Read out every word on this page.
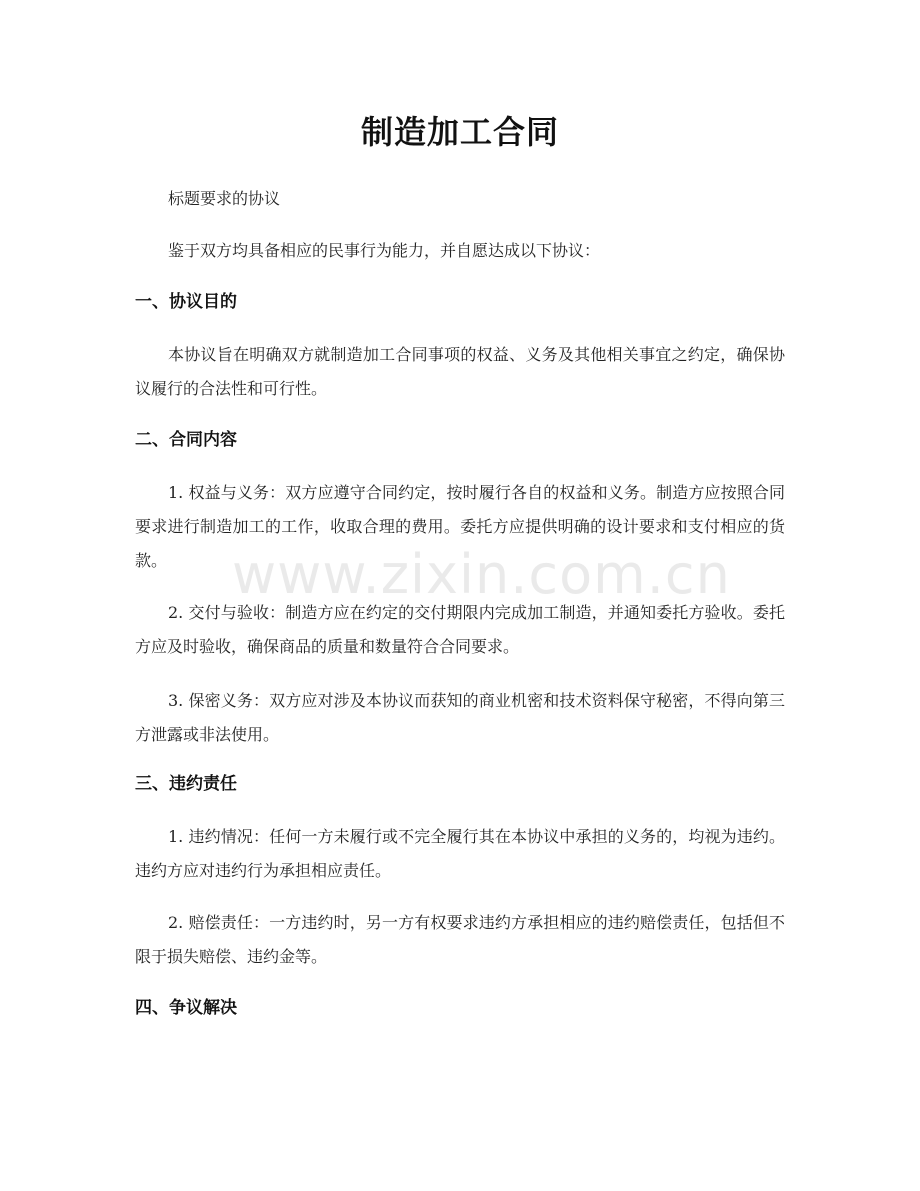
制造加工合同
标题要求的协议
鉴于双方均具备相应的民事行为能力，并自愿达成以下协议：
一、协议目的
本协议旨在明确双方就制造加工合同事项的权益、义务及其他相关事宜之约定，确保协议履行的合法性和可行性。
二、合同内容
1. 权益与义务：双方应遵守合同约定，按时履行各自的权益和义务。制造方应按照合同要求进行制造加工的工作，收取合理的费用。委托方应提供明确的设计要求和支付相应的货款。
2. 交付与验收：制造方应在约定的交付期限内完成加工制造，并通知委托方验收。委托方应及时验收，确保商品的质量和数量符合合同要求。
3. 保密义务：双方应对涉及本协议而获知的商业机密和技术资料保守秘密，不得向第三方泄露或非法使用。
三、违约责任
1. 违约情况：任何一方未履行或不完全履行其在本协议中承担的义务的，均视为违约。违约方应对违约行为承担相应责任。
2. 赔偿责任：一方违约时，另一方有权要求违约方承担相应的违约赔偿责任，包括但不限于损失赔偿、违约金等。
四、争议解决
www.zixin.com.cn
